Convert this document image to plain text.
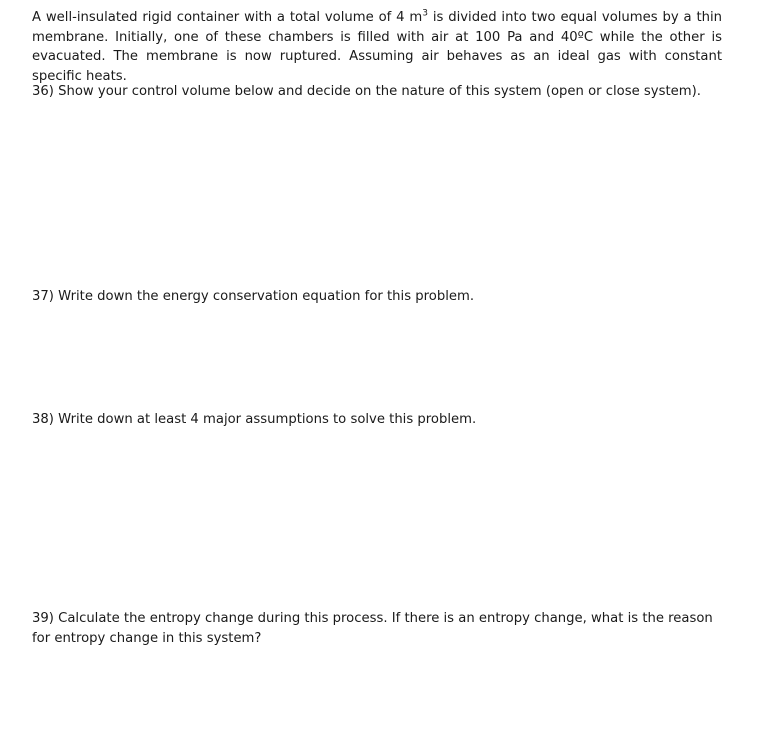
A well-insulated rigid container with a total volume of 4 $m^3$ is divided into two equal volumes by a thin membrane. Initially, one of these chambers is filled with air at 100 Pa and 40ºC while the other is evacuated. The membrane is now ruptured. Assuming air behaves as an ideal gas with constant specific heats.

36) Show your control volume below and decide on the nature of this system (open or close system).

37) Write down the energy conservation equation for this problem.

38) Write down at least 4 major assumptions to solve this problem.

39) Calculate the entropy change during this process. If there is an entropy change, what is the reason for entropy change in this system?
